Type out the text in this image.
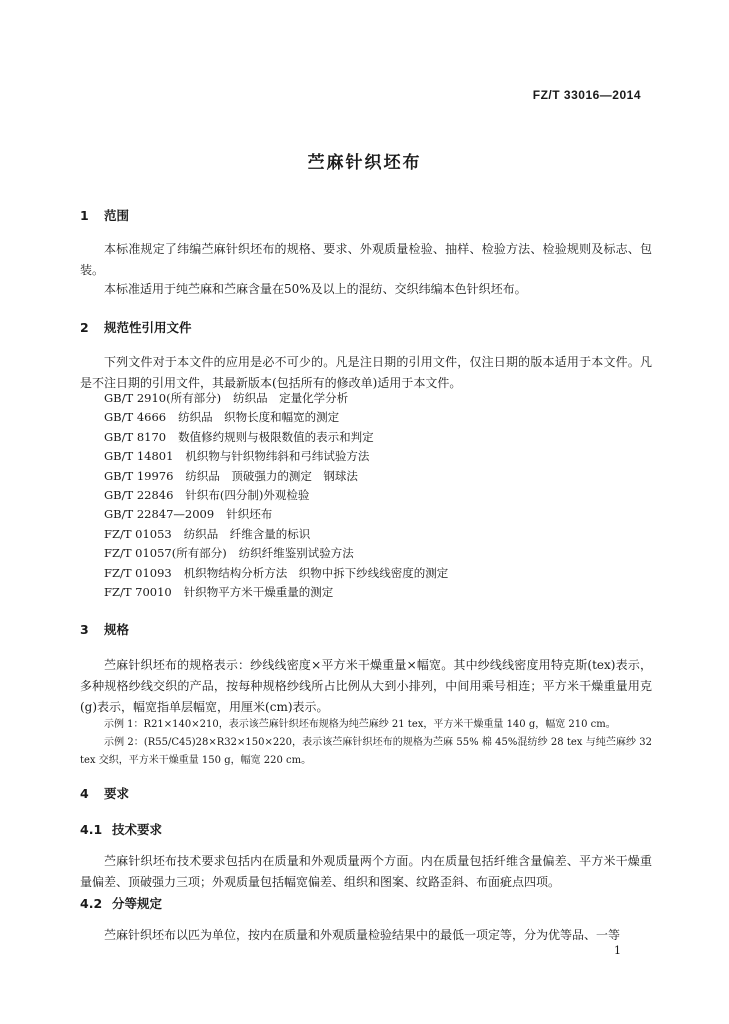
FZ/T 33016—2014
苎麻针织坯布
1 范围

本标准规定了纬编苎麻针织坯布的规格、要求、外观质量检验、抽样、检验方法、检验规则及标志、包装。

本标准适用于纯苎麻和苎麻含量在50%及以上的混纺、交织纬编本色针织坯布。

2 规范性引用文件

下列文件对于本文件的应用是必不可少的。凡是注日期的引用文件，仅注日期的版本适用于本文件。凡是不注日期的引用文件，其最新版本(包括所有的修改单)适用于本文件。

GB/T 2910(所有部分) 纺织品　定量化学分析
GB/T 4666 纺织品　织物长度和幅宽的测定
GB/T 8170 数值修约规则与极限数值的表示和判定
GB/T 14801 机织物与针织物纬斜和弓纬试验方法
GB/T 19976 纺织品　顶破强力的测定　钢球法
GB/T 22846 针织布(四分制)外观检验
GB/T 22847—2009 针织坯布
FZ/T 01053 纺织品　纤维含量的标识
FZ/T 01057(所有部分) 纺织纤维鉴别试验方法
FZ/T 01093 机织物结构分析方法　织物中拆下纱线线密度的测定
FZ/T 70010 针织物平方米干燥重量的测定
3 规格

苎麻针织坯布的规格表示：纱线线密度×平方米干燥重量×幅宽。其中纱线线密度用特克斯(tex)表示，多种规格纱线交织的产品，按每种规格纱线所占比例从大到小排列，中间用乘号相连；平方米干燥重量用克(g)表示，幅宽指单层幅宽，用厘米(cm)表示。

示例 1：R21×140×210，表示该苎麻针织坯布规格为纯苎麻纱 21 tex，平方米干燥重量 140 g，幅宽 210 cm。

示例 2：(R55/C45)28×R32×150×220，表示该苎麻针织坯布的规格为苎麻 55% 棉 45%混纺纱 28 tex 与纯苎麻纱 32 tex 交织，平方米干燥重量 150 g，幅宽 220 cm。

4 要求
4.1 技术要求

苎麻针织坯布技术要求包括内在质量和外观质量两个方面。内在质量包括纤维含量偏差、平方米干燥重量偏差、顶破强力三项；外观质量包括幅宽偏差、组织和图案、纹路歪斜、布面疵点四项。

4.2 分等规定

苎麻针织坯布以匹为单位，按内在质量和外观质量检验结果中的最低一项定等，分为优等品、一等

1
